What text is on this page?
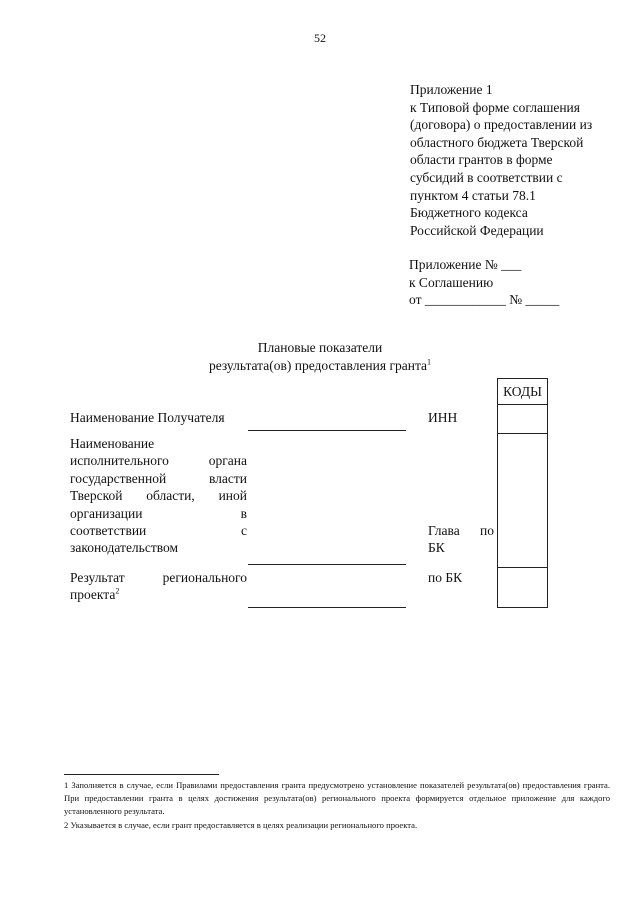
52
Приложение 1
к Типовой форме соглашения
(договора) о предоставлении из
областного бюджета Тверской
области грантов в форме
субсидий в соответствии с
пунктом 4 статьи 78.1
Бюджетного кодекса
Российской Федерации
Приложение № ___
к Соглашению
от ____________ № _____
Плановые показатели
результата(ов) предоставления гранта$^1$
Наименование Получателя	ИНН
Наименование
исполнительного органа
государственной власти
Тверской области, иной
организации в
соответствии с
законодательством
Глава по
БК
Результат регионального
проекта$^2$
по БК
КОДЫ

1 Заполняется в случае, если Правилами предоставления гранта предусмотрено установление показателей результата(ов) предоставления гранта. При предоставлении гранта в целях достижения результата(ов) регионального проекта формируется отдельное приложение для каждого установленного результата.

2 Указывается в случае, если грант предоставляется в целях реализации регионального проекта.
